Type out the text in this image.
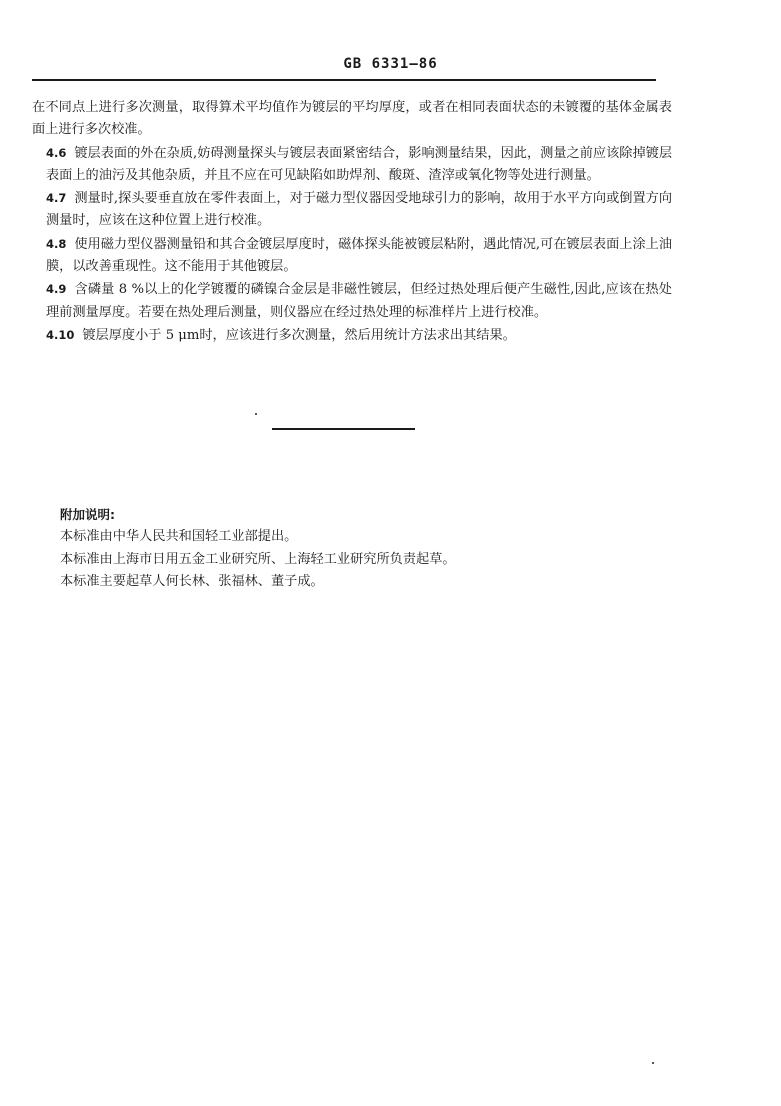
GB 6331—86

在不同点上进行多次测量，取得算术平均值作为镀层的平均厚度，或者在相同表面状态的未镀覆的基体金属表面上进行多次校准。

4.6 镀层表面的外在杂质,妨碍测量探头与镀层表面紧密结合，影响测量结果，因此，测量之前应该除掉镀层表面上的油污及其他杂质，并且不应在可见缺陷如助焊剂、酸斑、渣滓或氧化物等处进行测量。

4.7 测量时,探头要垂直放在零件表面上，对于磁力型仪器因受地球引力的影响，故用于水平方向或倒置方向测量时，应该在这种位置上进行校准。

4.8 使用磁力型仪器测量铅和其合金镀层厚度时，磁体探头能被镀层粘附，遇此情况,可在镀层表面上涂上油膜，以改善重现性。这不能用于其他镀层。

4.9 含磷量 8 %以上的化学镀覆的磷镍合金层是非磁性镀层，但经过热处理后便产生磁性,因此,应该在热处理前测量厚度。若要在热处理后测量，则仪器应在经过热处理的标准样片上进行校准。

4.10 镀层厚度小于 5 μm时，应该进行多次测量，然后用统计方法求出其结果。

附加说明:

本标准由中华人民共和国轻工业部提出。

本标准由上海市日用五金工业研究所、上海轻工业研究所负责起草。

本标准主要起草人何长林、张福林、董子成。
